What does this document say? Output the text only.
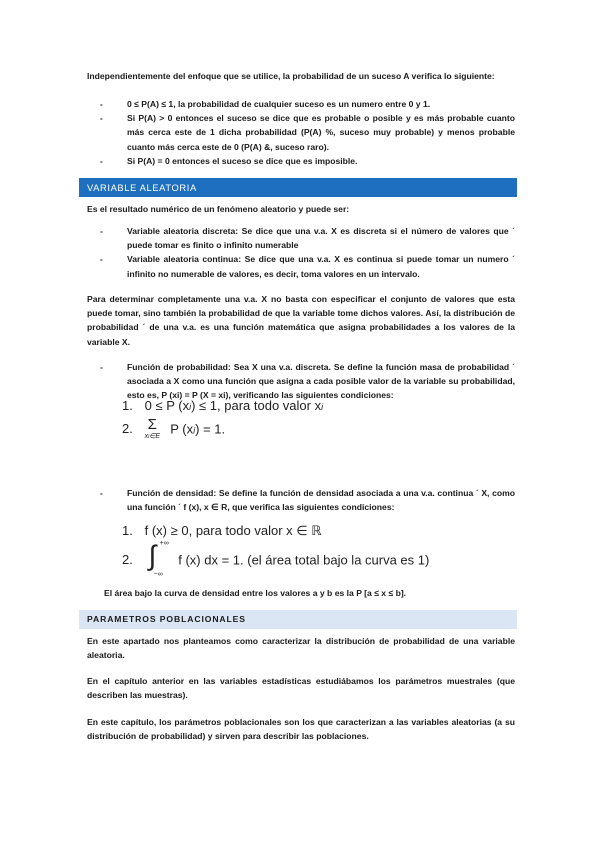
Independientemente del enfoque que se utilice, la probabilidad de un suceso A verifica lo siguiente:

-	0 ≤ P(A) ≤ 1, la probabilidad de cualquier suceso es un numero entre 0 y 1.
-	Si P(A) > 0 entonces el suceso se dice que es probable o posible y es más probable cuanto más cerca este de 1 dicha probabilidad (P(A) %, suceso muy probable) y menos probable cuanto más cerca este de 0 (P(A) &, suceso raro).
-	Si P(A) = 0 entonces el suceso se dice que es imposible.
VARIABLE ALEATORIA

Es el resultado numérico de un fenómeno aleatorio y puede ser:

-	Variable aleatoria discreta: Se dice que una v.a. X es discreta si el número de valores que ´ puede tomar es finito o infinito numerable
-	Variable aleatoria continua: Se dice que una v.a. X es continua si puede tomar un numero ´ infinito no numerable de valores, es decir, toma valores en un intervalo.

Para determinar completamente una v.a. X no basta con especificar el conjunto de valores que esta puede tomar, sino también la probabilidad de que la variable tome dichos valores. Así, la distribución de probabilidad ´ de una v.a. es una función matemática que asigna probabilidades a los valores de la variable X.

-	Función de probabilidad: Sea X una v.a. discreta. Se define la función masa de probabilidad ´ asociada a X como una función que asigna a cada posible valor de la variable su probabilidad, esto es, P (xi) = P (X = xi), verificando las siguientes condiciones:
1. 0 ≤ P (xi) ≤ 1, para todo valor xi
2. Σ
xi∈E
P (xi) = 1.
-	Función de densidad: Se define la función de densidad asociada a una v.a. continua ´ X, como una función ´ f (x), x ∈ R, que verifica las siguientes condiciones:
1. f (x) ≥ 0, para todo valor x ∈ ℝ
2. ∫ +∞
−∞
f (x) dx = 1. (el área total bajo la curva es 1)

El área bajo la curva de densidad entre los valores a y b es la P [a ≤ x ≤ b].

PARAMETROS POBLACIONALES

En este apartado nos planteamos como caracterizar la distribución de probabilidad de una variable aleatoria.

En el capítulo anterior en las variables estadísticas estudiábamos los parámetros muestrales (que describen las muestras).

En este capítulo, los parámetros poblacionales son los que caracterizan a las variables aleatorias (a su distribución de probabilidad) y sirven para describir las poblaciones.
